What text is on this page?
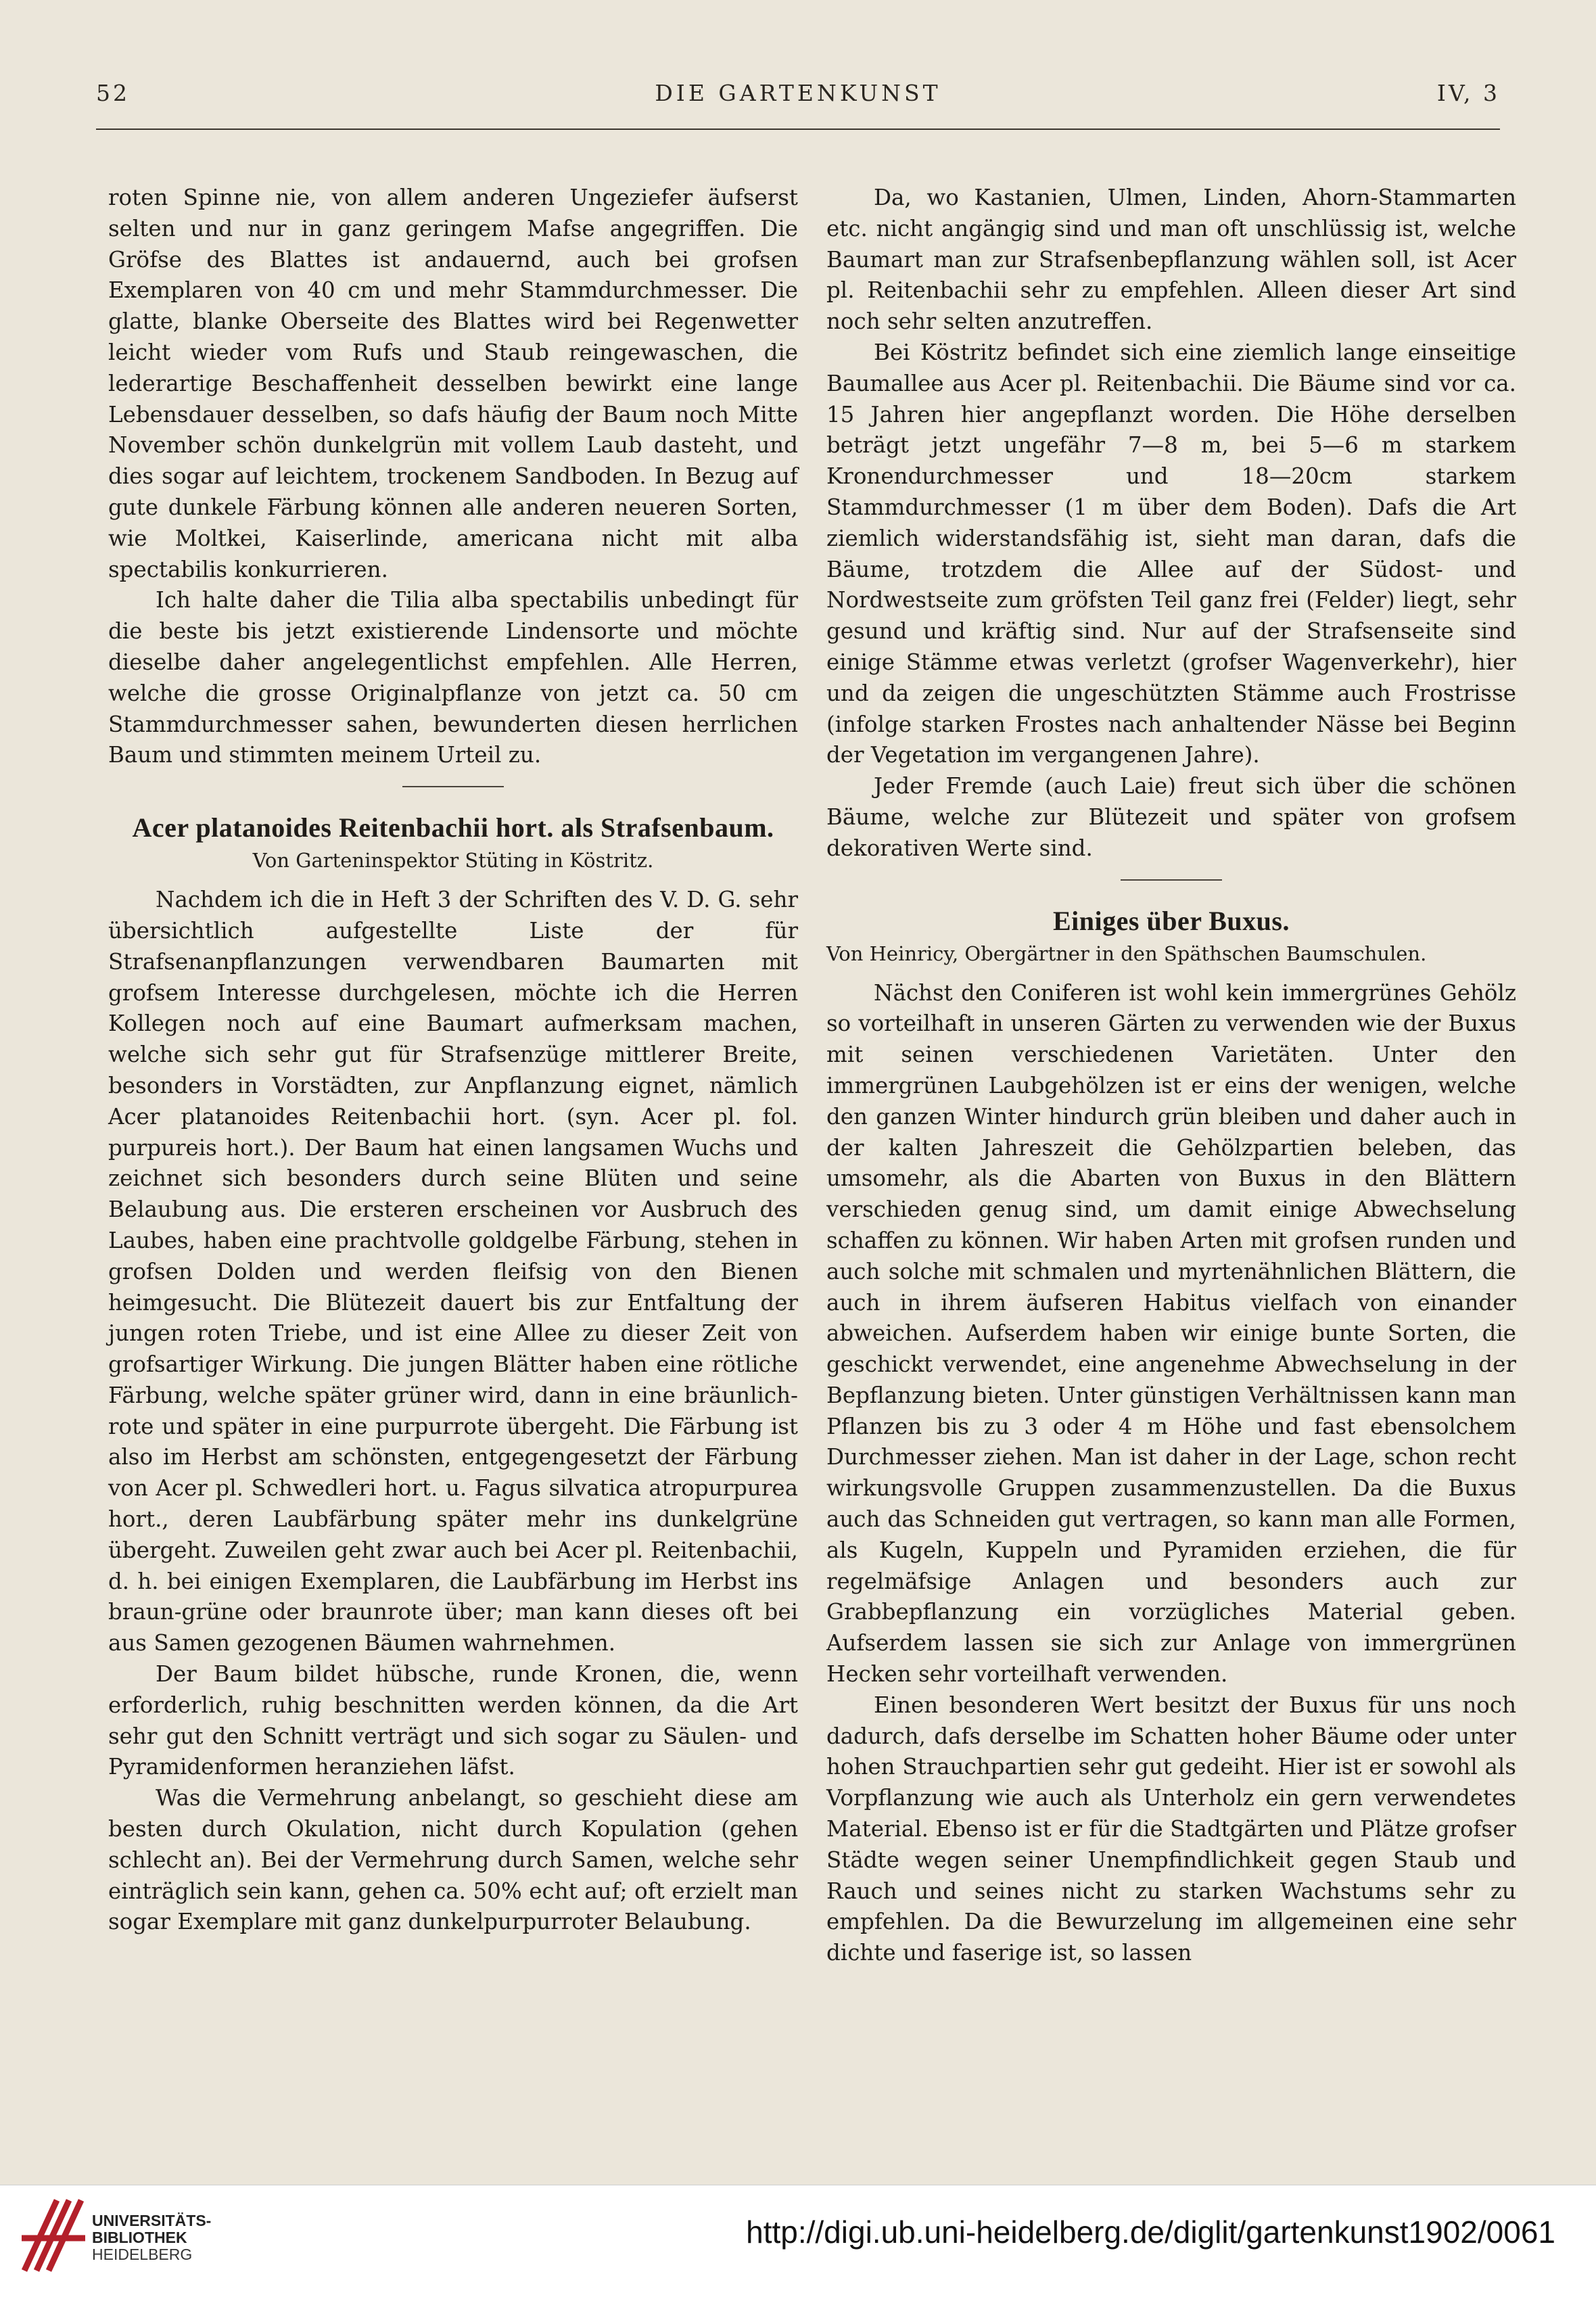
52	DIE GARTENKUNST	IV, 3

roten Spinne nie, von allem anderen Ungeziefer äufserst selten und nur in ganz geringem Mafse angegriffen. Die Gröfse des Blattes ist andauernd, auch bei grofsen Exemplaren von 40 cm und mehr Stammdurchmesser. Die glatte, blanke Oberseite des Blattes wird bei Regenwetter leicht wieder vom Rufs und Staub reingewaschen, die lederartige Beschaffenheit desselben bewirkt eine lange Lebensdauer desselben, so dafs häufig der Baum noch Mitte November schön dunkelgrün mit vollem Laub dasteht, und dies sogar auf leichtem, trockenem Sandboden. In Bezug auf gute dunkele Färbung können alle anderen neueren Sorten, wie Moltkei, Kaiserlinde, americana nicht mit alba spectabilis konkurrieren.

Ich halte daher die Tilia alba spectabilis unbedingt für die beste bis jetzt existierende Lindensorte und möchte dieselbe daher angelegentlichst empfehlen. Alle Herren, welche die grosse Originalpflanze von jetzt ca. 50 cm Stammdurchmesser sahen, bewunderten diesen herrlichen Baum und stimmten meinem Urteil zu.

Acer platanoides Reitenbachii hort. als Strafsenbaum.
Von Garteninspektor Stüting in Köstritz.

Nachdem ich die in Heft 3 der Schriften des V. D. G. sehr übersichtlich aufgestellte Liste der für Strafsenanpflanzungen verwendbaren Baumarten mit grofsem Interesse durchgelesen, möchte ich die Herren Kollegen noch auf eine Baumart aufmerksam machen, welche sich sehr gut für Strafsenzüge mittlerer Breite, besonders in Vorstädten, zur Anpflanzung eignet, nämlich Acer platanoides Reitenbachii hort. (syn. Acer pl. fol. purpureis hort.). Der Baum hat einen langsamen Wuchs und zeichnet sich besonders durch seine Blüten und seine Belaubung aus. Die ersteren erscheinen vor Ausbruch des Laubes, haben eine prachtvolle goldgelbe Färbung, stehen in grofsen Dolden und werden fleifsig von den Bienen heimgesucht. Die Blütezeit dauert bis zur Entfaltung der jungen roten Triebe, und ist eine Allee zu dieser Zeit von grofsartiger Wirkung. Die jungen Blätter haben eine rötliche Färbung, welche später grüner wird, dann in eine bräunlich-rote und später in eine purpurrote übergeht. Die Färbung ist also im Herbst am schönsten, entgegengesetzt der Färbung von Acer pl. Schwedleri hort. u. Fagus silvatica atropurpurea hort., deren Laubfärbung später mehr ins dunkelgrüne übergeht. Zuweilen geht zwar auch bei Acer pl. Reitenbachii, d. h. bei einigen Exemplaren, die Laubfärbung im Herbst ins braun-grüne oder braunrote über; man kann dieses oft bei aus Samen gezogenen Bäumen wahrnehmen.

Der Baum bildet hübsche, runde Kronen, die, wenn erforderlich, ruhig beschnitten werden können, da die Art sehr gut den Schnitt verträgt und sich sogar zu Säulen- und Pyramidenformen heranziehen läfst.

Was die Vermehrung anbelangt, so geschieht diese am besten durch Okulation, nicht durch Kopulation (gehen schlecht an). Bei der Vermehrung durch Samen, welche sehr einträglich sein kann, gehen ca. 50% echt auf; oft erzielt man sogar Exemplare mit ganz dunkelpurpurroter Belaubung.

Da, wo Kastanien, Ulmen, Linden, Ahorn-Stammarten etc. nicht angängig sind und man oft unschlüssig ist, welche Baumart man zur Strafsenbepflanzung wählen soll, ist Acer pl. Reitenbachii sehr zu empfehlen. Alleen dieser Art sind noch sehr selten anzutreffen.

Bei Köstritz befindet sich eine ziemlich lange einseitige Baumallee aus Acer pl. Reitenbachii. Die Bäume sind vor ca. 15 Jahren hier angepflanzt worden. Die Höhe derselben beträgt jetzt ungefähr 7—8 m, bei 5—6 m starkem Kronendurchmesser und 18—20cm starkem Stammdurchmesser (1 m über dem Boden). Dafs die Art ziemlich widerstandsfähig ist, sieht man daran, dafs die Bäume, trotzdem die Allee auf der Südost- und Nordwestseite zum gröfsten Teil ganz frei (Felder) liegt, sehr gesund und kräftig sind. Nur auf der Strafsenseite sind einige Stämme etwas verletzt (grofser Wagenverkehr), hier und da zeigen die ungeschützten Stämme auch Frostrisse (infolge starken Frostes nach anhaltender Nässe bei Beginn der Vegetation im vergangenen Jahre).

Jeder Fremde (auch Laie) freut sich über die schönen Bäume, welche zur Blütezeit und später von grofsem dekorativen Werte sind.

Einiges über Buxus.
Von Heinricy, Obergärtner in den Späthschen Baumschulen.

Nächst den Coniferen ist wohl kein immergrünes Gehölz so vorteilhaft in unseren Gärten zu verwenden wie der Buxus mit seinen verschiedenen Varietäten. Unter den immergrünen Laubgehölzen ist er eins der wenigen, welche den ganzen Winter hindurch grün bleiben und daher auch in der kalten Jahreszeit die Gehölzpartien beleben, das umsomehr, als die Abarten von Buxus in den Blättern verschieden genug sind, um damit einige Abwechselung schaffen zu können. Wir haben Arten mit grofsen runden und auch solche mit schmalen und myrtenähnlichen Blättern, die auch in ihrem äufseren Habitus vielfach von einander abweichen. Aufserdem haben wir einige bunte Sorten, die geschickt verwendet, eine angenehme Abwechselung in der Bepflanzung bieten. Unter günstigen Verhältnissen kann man Pflanzen bis zu 3 oder 4 m Höhe und fast ebensolchem Durchmesser ziehen. Man ist daher in der Lage, schon recht wirkungsvolle Gruppen zusammenzustellen. Da die Buxus auch das Schneiden gut vertragen, so kann man alle Formen, als Kugeln, Kuppeln und Pyramiden erziehen, die für regelmäfsige Anlagen und besonders auch zur Grabbepflanzung ein vorzügliches Material geben. Aufserdem lassen sie sich zur Anlage von immergrünen Hecken sehr vorteilhaft verwenden.

Einen besonderen Wert besitzt der Buxus für uns noch dadurch, dafs derselbe im Schatten hoher Bäume oder unter hohen Strauchpartien sehr gut gedeiht. Hier ist er sowohl als Vorpflanzung wie auch als Unterholz ein gern verwendetes Material. Ebenso ist er für die Stadtgärten und Plätze grofser Städte wegen seiner Unempfindlichkeit gegen Staub und Rauch und seines nicht zu starken Wachstums sehr zu empfehlen. Da die Bewurzelung im allgemeinen eine sehr dichte und faserige ist, so lassen

UNIVERSITÄTS-
BIBLIOTHEK
HEIDELBERG
http://digi.ub.uni-heidelberg.de/diglit/gartenkunst1902/0061
